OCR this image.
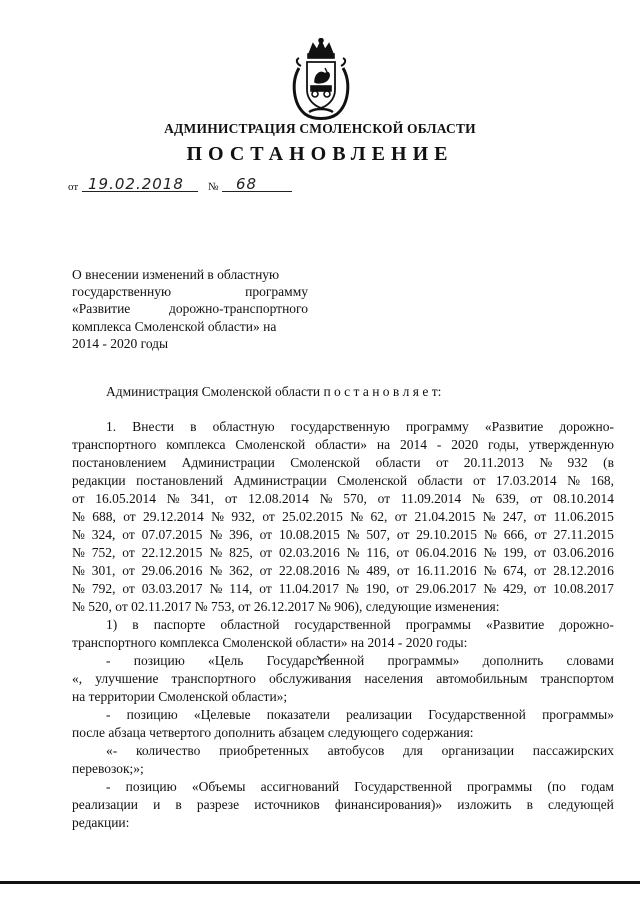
АДМИНИСТРАЦИЯ СМОЛЕНСКОЙ ОБЛАСТИ
ПОСТАНОВЛЕНИЕ
от 19.02.2018 № 68
О внесении изменений в областную
государственную	программу
«Развитие	дорожно-транспортного
комплекса Смоленской области» на
2014 - 2020 годы
Администрация Смоленской области п о с т а н о в л я е т:
1. Внести в областную государственную программу «Развитие дорожно-
транспортного комплекса Смоленской области» на 2014 - 2020 годы, утвержденную
постановлением Администрации Смоленской области от 20.11.2013 № 932 (в
редакции постановлений Администрации Смоленской области от 17.03.2014 № 168,
от 16.05.2014 № 341, от 12.08.2014 № 570, от 11.09.2014 № 639, от 08.10.2014
№ 688, от 29.12.2014 № 932, от 25.02.2015 № 62, от 21.04.2015 № 247, от 11.06.2015
№ 324, от 07.07.2015 № 396, от 10.08.2015 № 507, от 29.10.2015 № 666, от 27.11.2015
№ 752, от 22.12.2015 № 825, от 02.03.2016 № 116, от 06.04.2016 № 199, от 03.06.2016
№ 301, от 29.06.2016 № 362, от 22.08.2016 № 489, от 16.11.2016 № 674, от 28.12.2016
№ 792, от 03.03.2017 № 114, от 11.04.2017 № 190, от 29.06.2017 № 429, от 10.08.2017
№ 520, от 02.11.2017 № 753, от 26.12.2017 № 906), следующие изменения:
1) в паспорте областной государственной программы «Развитие дорожно-
транспортного комплекса Смоленской области» на 2014 - 2020 годы:
- позицию «Цель Государственной программы» дополнить словами
«, улучшение транспортного обслуживания населения автомобильным транспортом
на территории Смоленской области»;
- позицию «Целевые показатели реализации Государственной программы»
после абзаца четвертого дополнить абзацем следующего содержания:
«- количество приобретенных автобусов для организации пассажирских
перевозок;»;
- позицию «Объемы ассигнований Государственной программы (по годам
реализации и в разрезе источников финансирования)» изложить в следующей
редакции:
